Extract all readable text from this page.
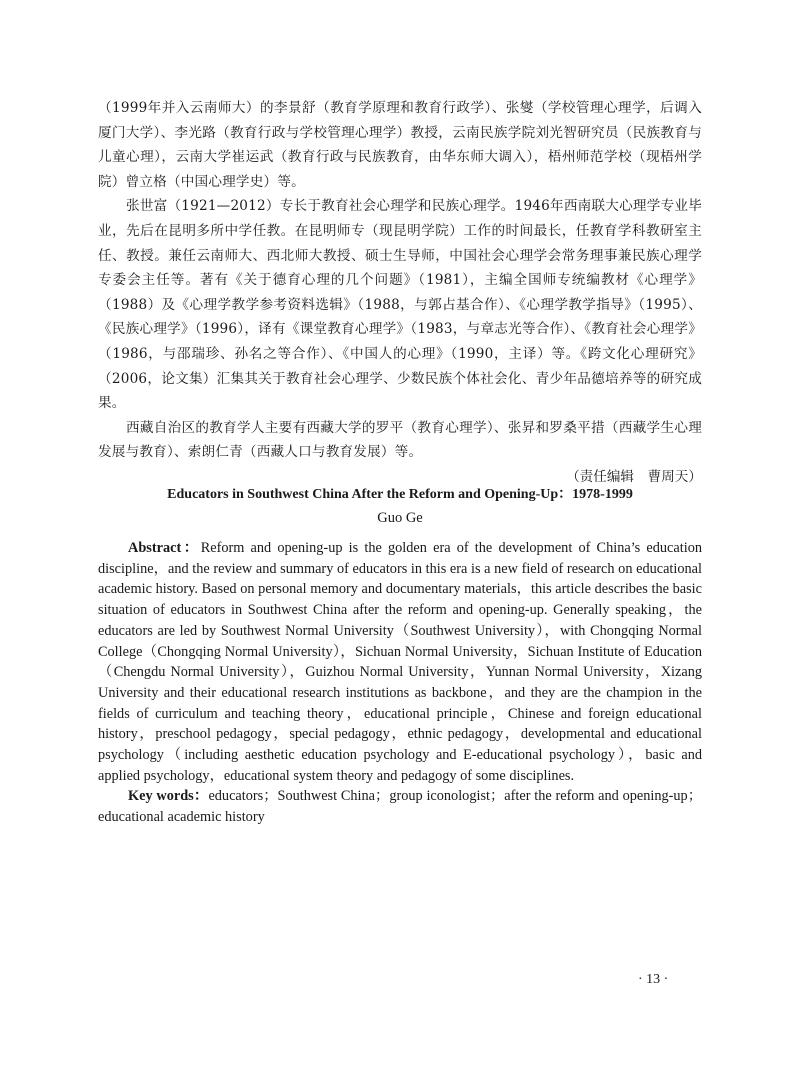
（1999年并入云南师大）的李景舒（教育学原理和教育行政学）、张燮（学校管理心理学，后调入厦门大学）、李光路（教育行政与学校管理心理学）教授，云南民族学院刘光智研究员（民族教育与儿童心理），云南大学崔运武（教育行政与民族教育，由华东师大调入），梧州师范学校（现梧州学院）曾立格（中国心理学史）等。

张世富（1921—2012）专长于教育社会心理学和民族心理学。1946年西南联大心理学专业毕业，先后在昆明多所中学任教。在昆明师专（现昆明学院）工作的时间最长，任教育学科教研室主任、教授。兼任云南师大、西北师大教授、硕士生导师，中国社会心理学会常务理事兼民族心理学专委会主任等。著有《关于德育心理的几个问题》（1981），主编全国师专统编教材《心理学》（1988）及《心理学教学参考资料选辑》（1988，与郭占基合作）、《心理学教学指导》（1995）、《民族心理学》（1996），译有《课堂教育心理学》（1983，与章志光等合作）、《教育社会心理学》（1986，与邵瑞珍、孙名之等合作）、《中国人的心理》（1990，主译）等。《跨文化心理研究》（2006，论文集）汇集其关于教育社会心理学、少数民族个体社会化、青少年品德培养等的研究成果。

西藏自治区的教育学人主要有西藏大学的罗平（教育心理学）、张昇和罗桑平措（西藏学生心理发展与教育）、索朗仁青（西藏人口与教育发展）等。

（责任编辑　曹周天）

Educators in Southwest China After the Reform and Opening-Up：1978-1999

Guo Ge

Abstract：Reform and opening-up is the golden era of the development of China’s education discipline，and the review and summary of educators in this era is a new field of research on educational academic history. Based on personal memory and documentary materials，this article describes the basic situation of educators in Southwest China after the reform and opening-up. Generally speaking，the educators are led by Southwest Normal University（Southwest University），with Chongqing Normal College（Chongqing Normal University），Sichuan Normal University，Sichuan Institute of Education（Chengdu Normal University），Guizhou Normal University，Yunnan Normal University，Xizang University and their educational research institutions as backbone，and they are the champion in the fields of curriculum and teaching theory，educational principle，Chinese and foreign educational history，preschool pedagogy，special pedagogy，ethnic pedagogy，developmental and educational psychology（including aesthetic education psychology and E-educational psychology），basic and applied psychology，educational system theory and pedagogy of some disciplines.

Key words：educators；Southwest China；group iconologist；after the reform and opening-up；educational academic history

· 13 ·
